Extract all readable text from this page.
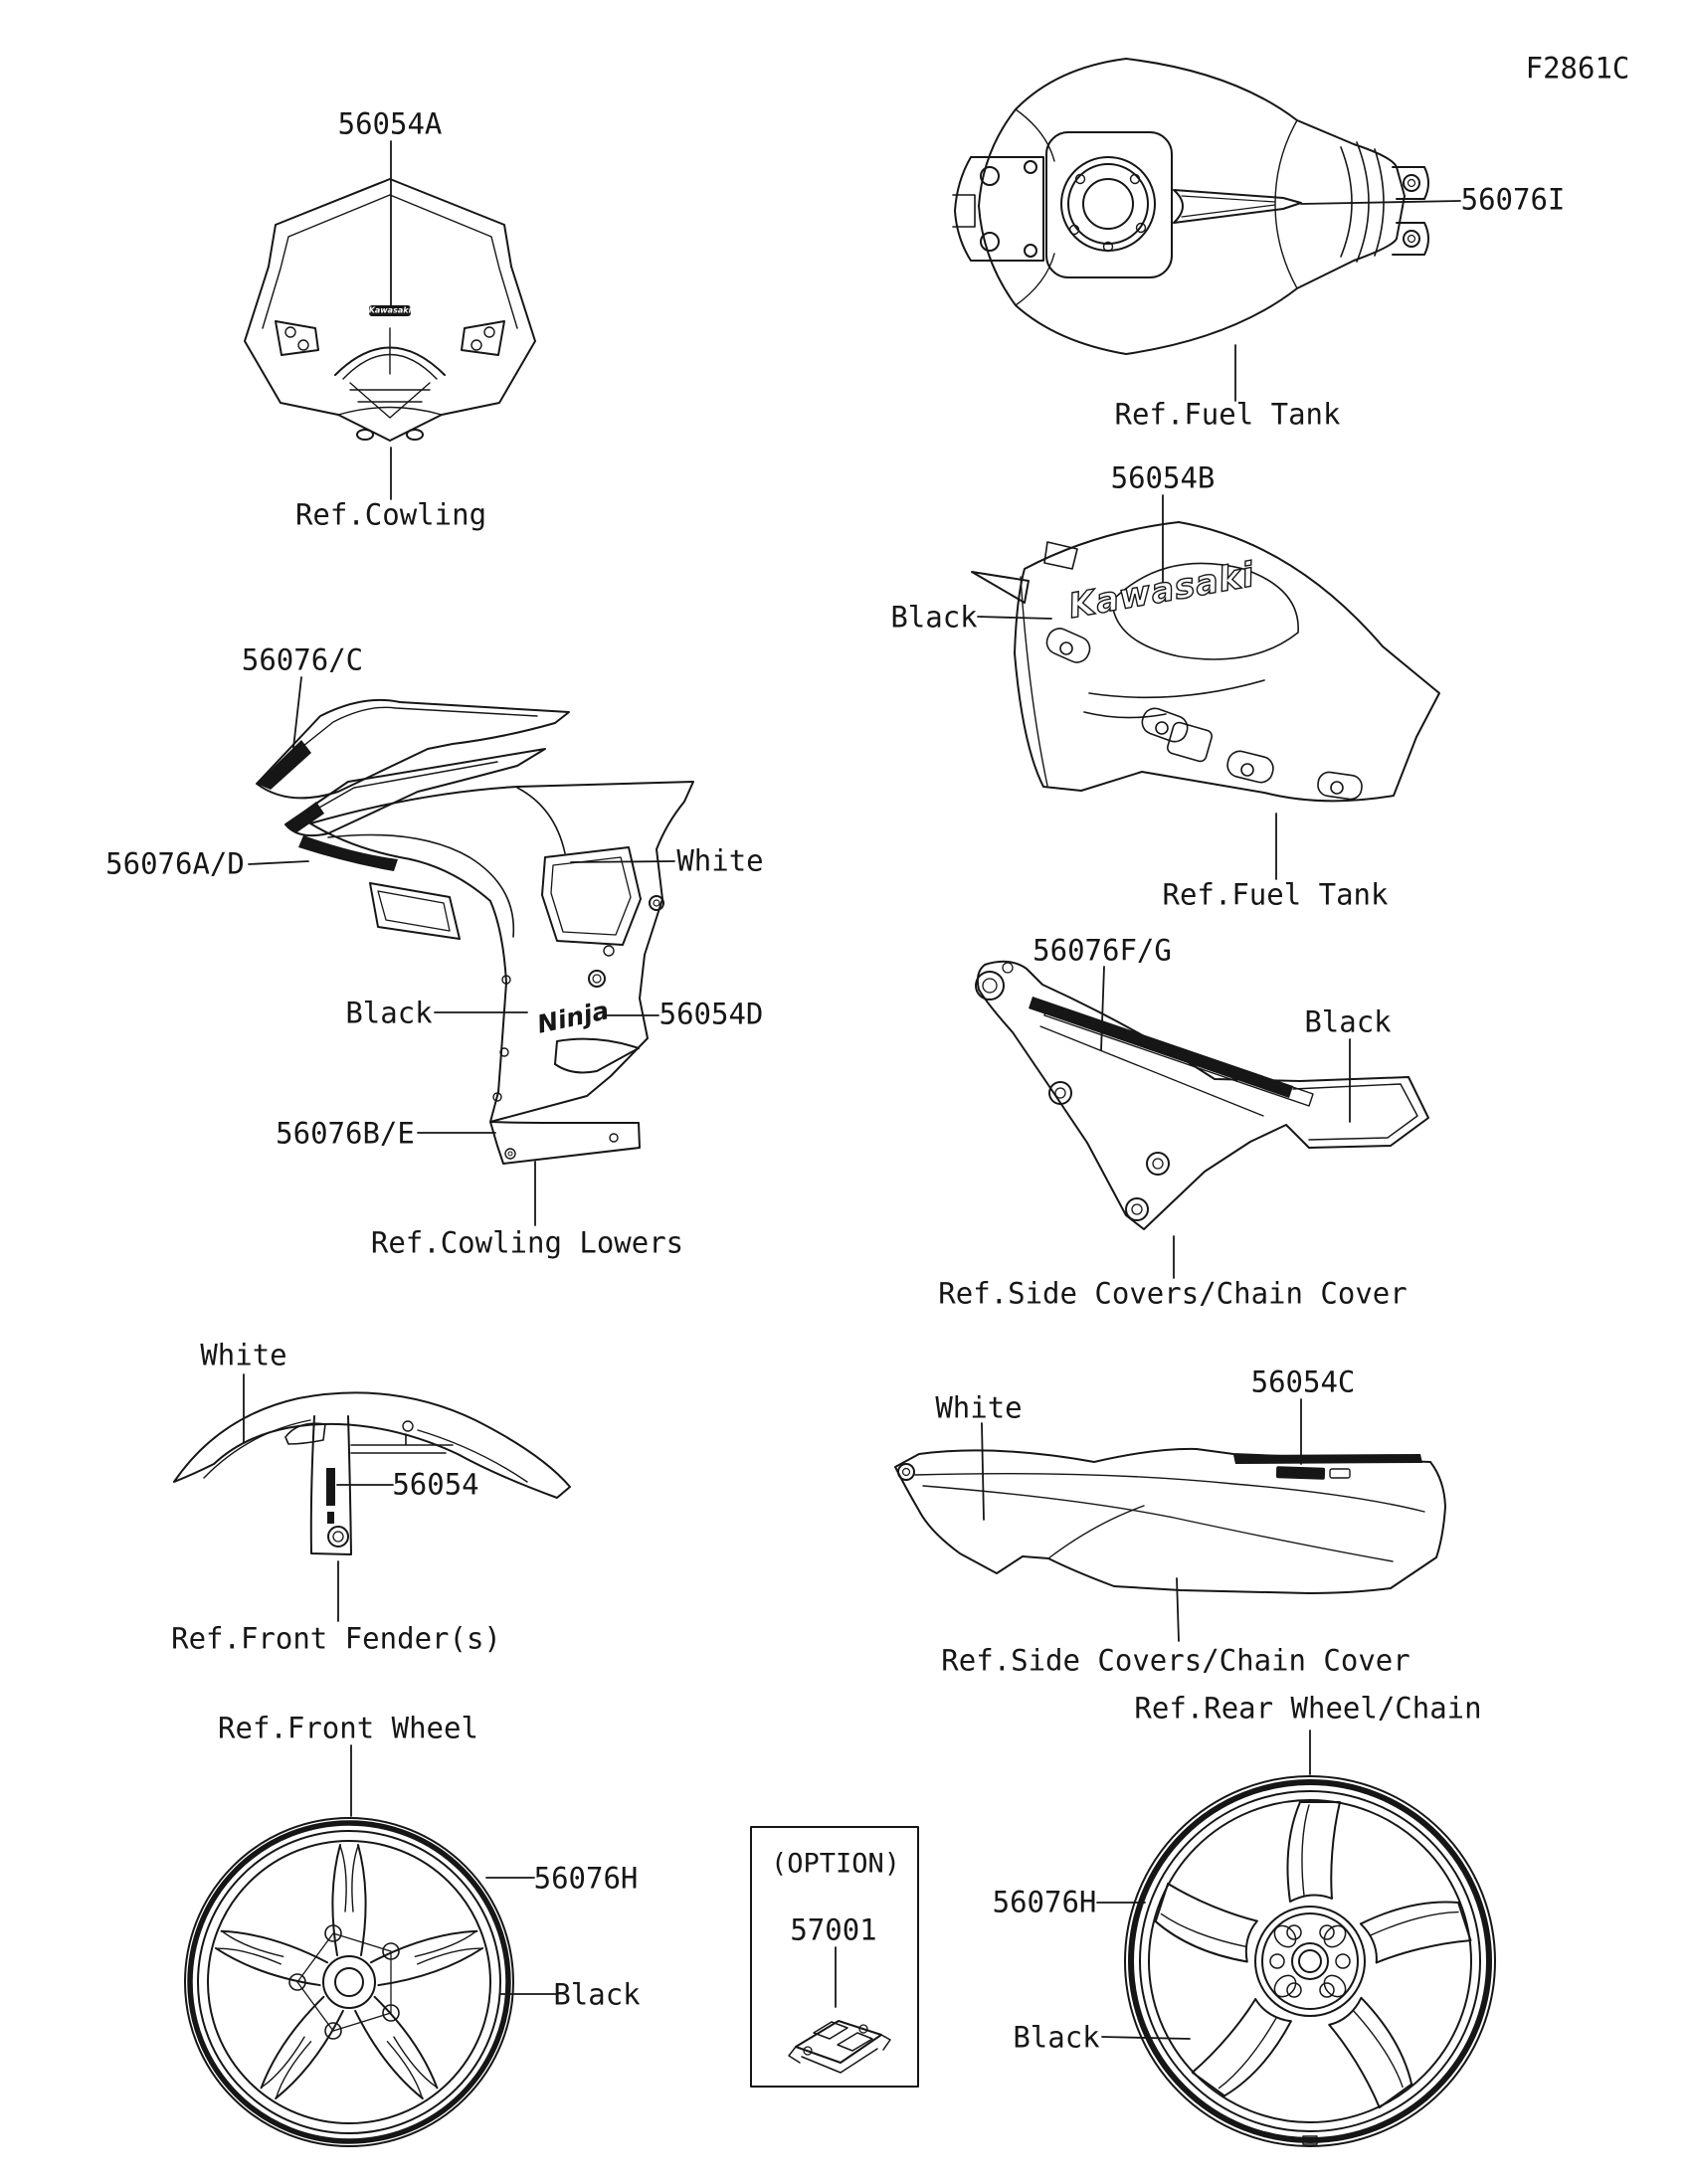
F2861C
56054A
Ref.Cowling
56076I
Ref.Fuel Tank
56054B
Black
Ref.Fuel Tank
Kawasaki
Kawasaki
56076/C
56076A/D	White
Black	56054D
Ninja
56076B/E
Ref.Cowling Lowers
56076F/G
Black
Ref.Side Covers/Chain Cover
White
56054
Ref.Front Fender(s)
White
56054C
Ref.Side Covers/Chain Cover
Ref.Front Wheel
56076H
Black
Ref.Rear Wheel/Chain
56076H
Black
(OPTION)
57001
